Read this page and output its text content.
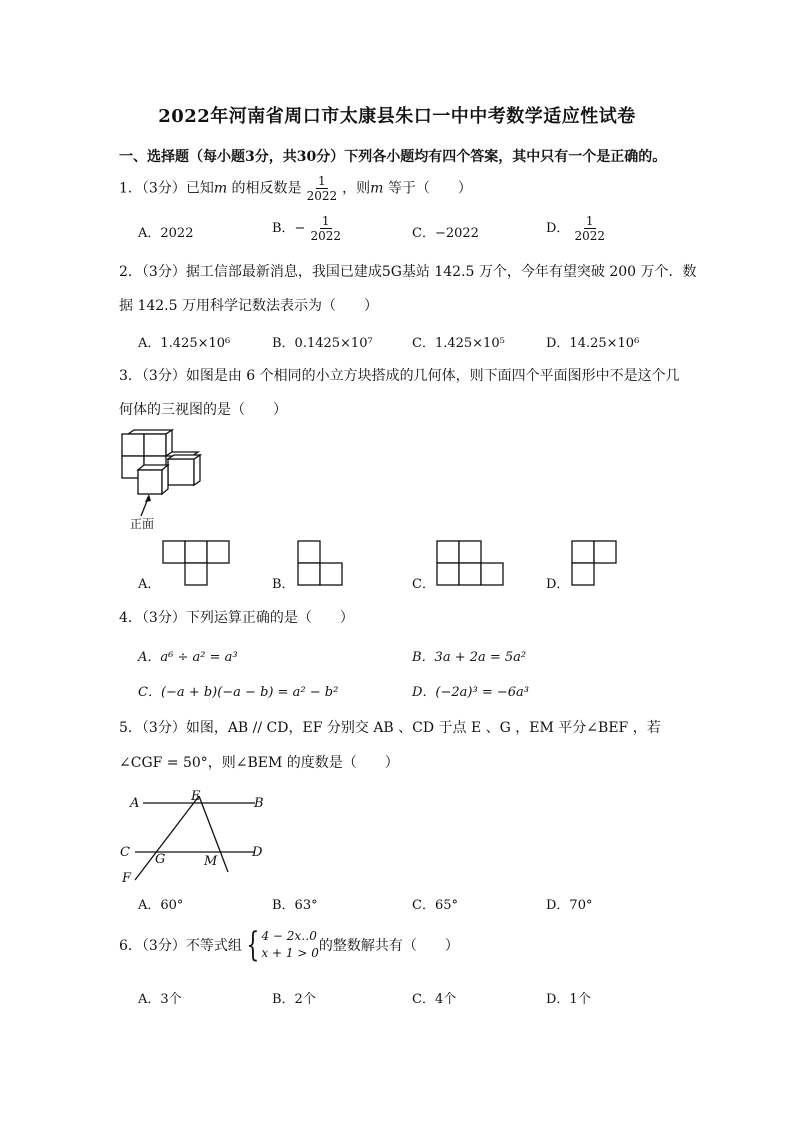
2022年河南省周口市太康县朱口一中中考数学适应性试卷
一、选择题（每小题3分，共30分）下列各小题均有四个答案，其中只有一个是正确的。
1．（3分）已知m 的相反数是 $\frac{1}{2022}$ ，则m 等于（　　）
A．2022	B．− $\frac{1}{2022}$	C．−2022	D． $\frac{1}{2022}$
2．（3分）据工信部最新消息，我国已建成5G基站 142.5 万个，今年有望突破 200 万个．数
据 142.5 万用科学记数法表示为（　　）
A．1.425×10⁶	B．0.1425×10⁷	C．1.425×10⁵	D．14.25×10⁶
3．（3分）如图是由 6 个相同的小立方块搭成的几何体，则下面四个平面图形中不是这个几
何体的三视图的是（　　）
正面
A．	B．	C．	D．
4．（3分）下列运算正确的是（　　）
A．a⁶ ÷ a² = a³	B．3a + 2a = 5a²
C．(−a + b)(−a − b) = a² − b²	D．(−2a)³ = −6a³
5．（3分）如图，AB // CD，EF 分别交 AB 、CD 于点 E 、G ，EM 平分∠BEF ，若
∠CGF = 50°，则∠BEM 的度数是（　　）
A	E	B
C G	M
D
F
A．60°	B．63°	C．65°	D．70°
6．（3分）不等式组 { 4 − 2x‥0
x + 1 > 0 的整数解共有（　　）
A．3个	B．2个	C．4个	D．1个
